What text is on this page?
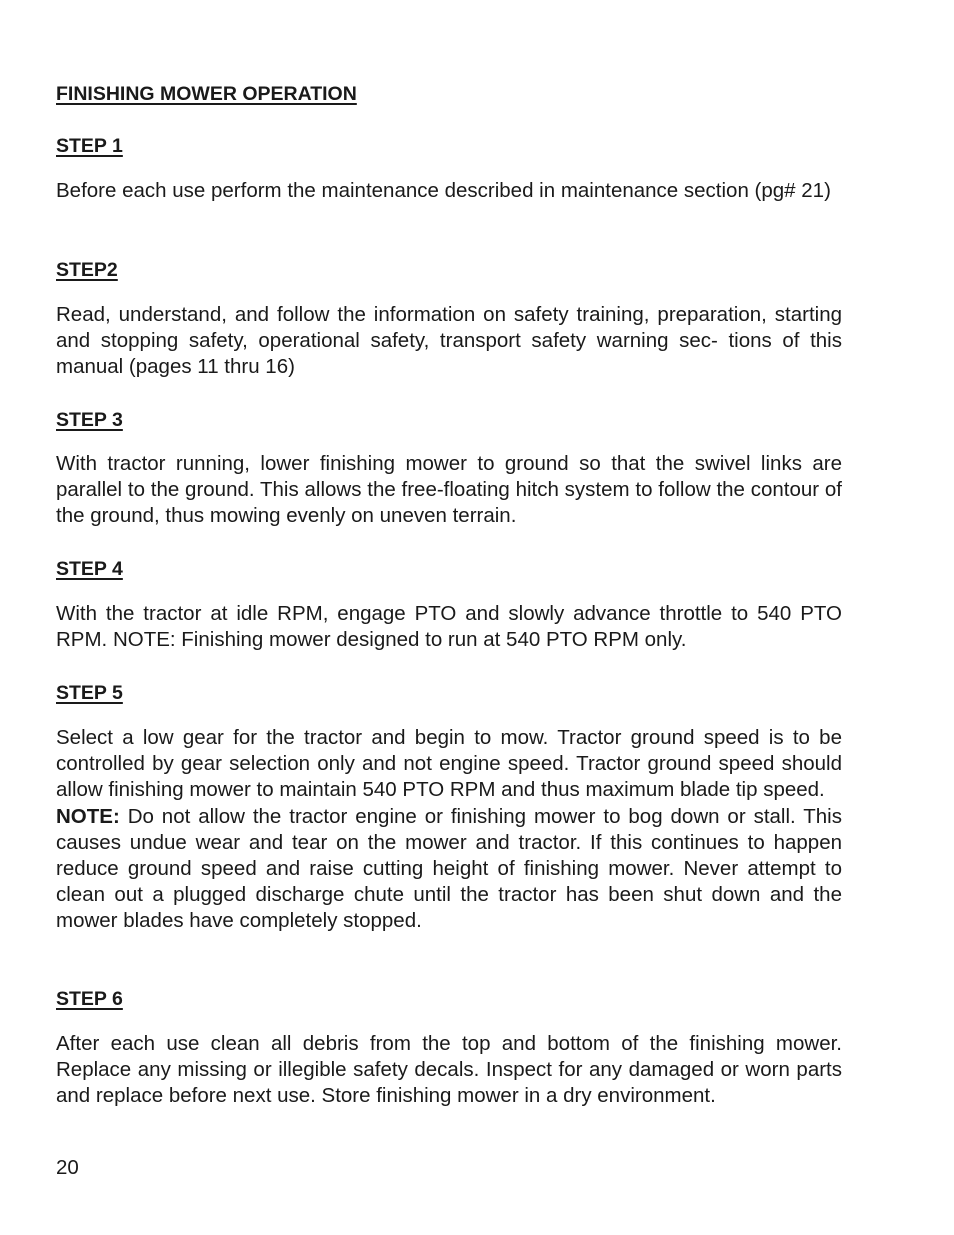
FINISHING MOWER OPERATION
STEP 1
Before each use perform the maintenance described in maintenance section (pg# 21)
STEP2
Read, understand, and follow the information on safety training, preparation, starting and stopping safety, operational safety, transport safety warning sec- tions of this manual (pages 11 thru 16)
STEP 3
With tractor running, lower finishing mower to ground so that the swivel links are parallel to the ground. This allows the free-floating hitch system to follow the contour of the ground, thus mowing evenly on uneven terrain.
STEP 4
With the tractor at idle RPM, engage PTO and slowly advance throttle to 540 PTO RPM. NOTE: Finishing mower designed to run at 540 PTO RPM only.
STEP 5
Select a low gear for the tractor and begin to mow. Tractor ground speed is to be controlled by gear selection only and not engine speed. Tractor ground speed should allow finishing mower to maintain 540 PTO RPM and thus maximum blade tip speed.
NOTE: Do not allow the tractor engine or finishing mower to bog down or stall. This causes undue wear and tear on the mower and tractor. If this continues to happen reduce ground speed and raise cutting height of finishing mower. Never attempt to clean out a plugged discharge chute until the tractor has been shut down and the mower blades have completely stopped.
STEP 6
After each use clean all debris from the top and bottom of the finishing mower. Replace any missing or illegible safety decals. Inspect for any damaged or worn parts and replace before next use. Store finishing mower in a dry environment.
20
